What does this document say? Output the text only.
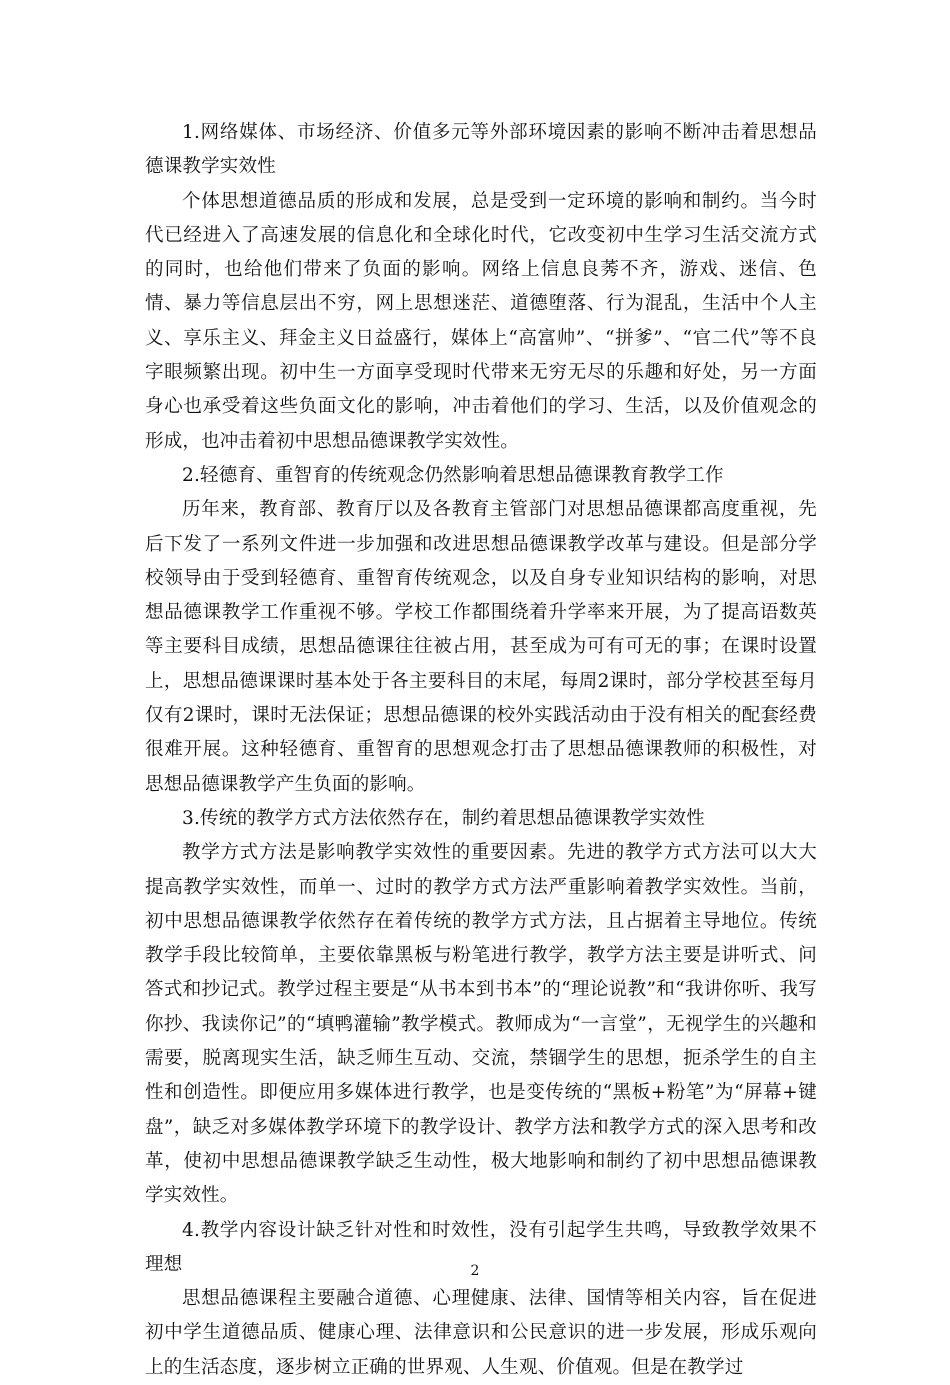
1.网络媒体、市场经济、价值多元等外部环境因素的影响不断冲击着思想品德课教学实效性

个体思想道德品质的形成和发展，总是受到一定环境的影响和制约。当今时代已经进入了高速发展的信息化和全球化时代，它改变初中生学习生活交流方式的同时，也给他们带来了负面的影响。网络上信息良莠不齐，游戏、迷信、色情、暴力等信息层出不穷，网上思想迷茫、道德堕落、行为混乱，生活中个人主义、享乐主义、拜金主义日益盛行，媒体上“高富帅”、“拼爹”、“官二代”等不良字眼频繁出现。初中生一方面享受现时代带来无穷无尽的乐趣和好处，另一方面身心也承受着这些负面文化的影响，冲击着他们的学习、生活，以及价值观念的形成，也冲击着初中思想品德课教学实效性。

2.轻德育、重智育的传统观念仍然影响着思想品德课教育教学工作

历年来，教育部、教育厅以及各教育主管部门对思想品德课都高度重视，先后下发了一系列文件进一步加强和改进思想品德课教学改革与建设。但是部分学校领导由于受到轻德育、重智育传统观念，以及自身专业知识结构的影响，对思想品德课教学工作重视不够。学校工作都围绕着升学率来开展，为了提高语数英等主要科目成绩，思想品德课往往被占用，甚至成为可有可无的事；在课时设置上，思想品德课课时基本处于各主要科目的末尾，每周2课时，部分学校甚至每月仅有2课时，课时无法保证；思想品德课的校外实践活动由于没有相关的配套经费很难开展。这种轻德育、重智育的思想观念打击了思想品德课教师的积极性，对思想品德课教学产生负面的影响。

3.传统的教学方式方法依然存在，制约着思想品德课教学实效性

教学方式方法是影响教学实效性的重要因素。先进的教学方式方法可以大大提高教学实效性，而单一、过时的教学方式方法严重影响着教学实效性。当前，初中思想品德课教学依然存在着传统的教学方式方法，且占据着主导地位。传统教学手段比较简单，主要依靠黑板与粉笔进行教学，教学方法主要是讲听式、问答式和抄记式。教学过程主要是“从书本到书本”的“理论说教”和“我讲你听、我写你抄、我读你记”的“填鸭灌输”教学模式。教师成为“一言堂”，无视学生的兴趣和需要，脱离现实生活，缺乏师生互动、交流，禁锢学生的思想，扼杀学生的自主性和创造性。即便应用多媒体进行教学，也是变传统的“黑板+粉笔”为“屏幕+键盘”，缺乏对多媒体教学环境下的教学设计、教学方法和教学方式的深入思考和改革，使初中思想品德课教学缺乏生动性，极大地影响和制约了初中思想品德课教学实效性。

4.教学内容设计缺乏针对性和时效性，没有引起学生共鸣，导致教学效果不理想

思想品德课程主要融合道德、心理健康、法律、国情等相关内容，旨在促进初中学生道德品质、健康心理、法律意识和公民意识的进一步发展，形成乐观向上的生活态度，逐步树立正确的世界观、人生观、价值观。但是在教学过

2
